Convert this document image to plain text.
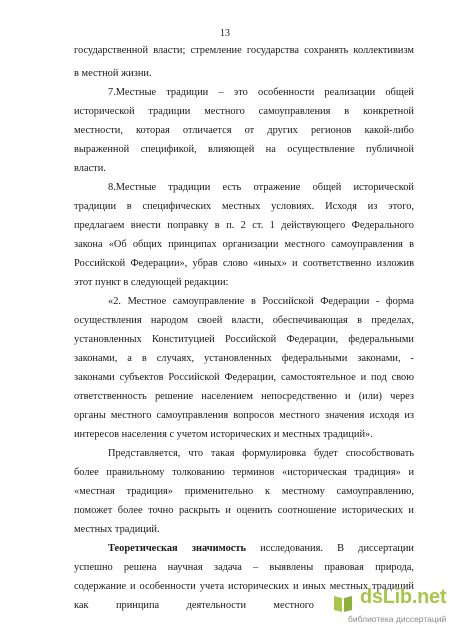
13
государственной власти; стремление государства сохранять коллективизм
в местной жизни.
7.Местные традиции – это особенности реализации общей
исторической традиции местного самоуправления в конкретной
местности, которая отличается от других регионов какой-либо
выраженной спецификой, влияющей на осуществление публичной
власти.
8.Местные традиции есть отражение общей исторической
традиции в специфических местных условиях. Исходя из этого,
предлагаем внести поправку в п. 2 ст. 1 действующего Федерального
закона «Об общих принципах организации местного самоуправления в
Российской Федерации», убрав слово «иных» и соответственно изложив
этот пункт в следующей редакции:
«2. Местное самоуправление в Российской Федерации - форма
осуществления народом своей власти, обеспечивающая в пределах,
установленных Конституцией Российской Федерации, федеральными
законами, а в случаях, установленных федеральными законами, -
законами субъектов Российской Федерации, самостоятельное и под свою
ответственность решение населением непосредственно и (или) через
органы местного самоуправления вопросов местного значения исходя из
интересов населения с учетом исторических и местных традиций».
Представляется, что такая формулировка будет способствовать
более правильному толкованию терминов «историческая традиция» и
«местная традиция» применительно к местному самоуправлению,
поможет более точно раскрыть и оценить соотношение исторических и
местных традиций.
Теоретическая значимость исследования. В диссертации
успешно решена научная задача – выявлены правовая природа,
содержание и особенности учета исторических и иных местных традиций
как принципа деятельности местного dsLib.net
библиотека диссертаций
